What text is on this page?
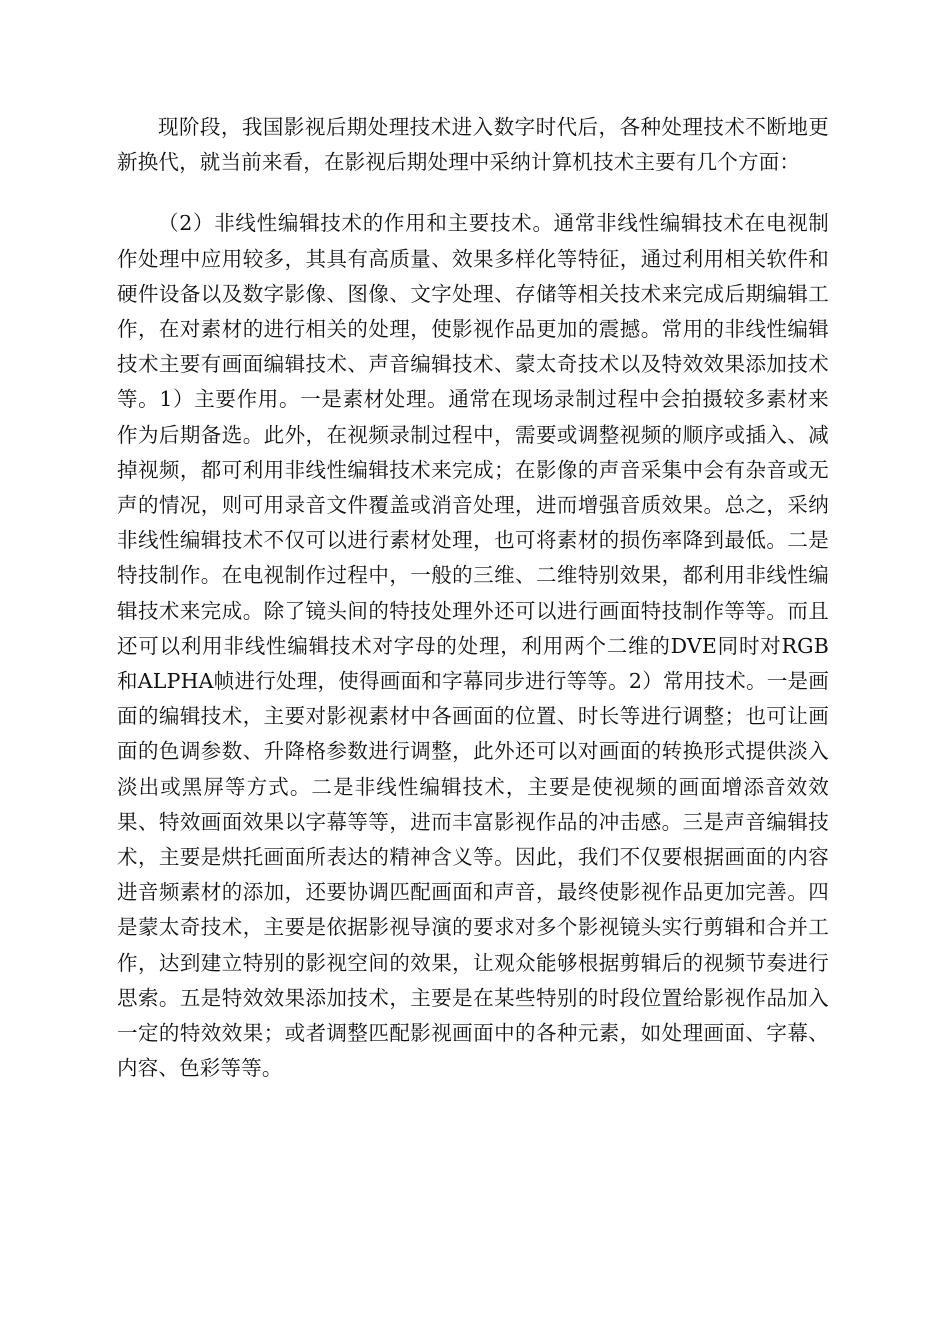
现阶段，我国影视后期处理技术进入数字时代后，各种处理技术不断地更新换代，就当前来看，在影视后期处理中采纳计算机技术主要有几个方面：

（2）非线性编辑技术的作用和主要技术。通常非线性编辑技术在电视制作处理中应用较多，其具有高质量、效果多样化等特征，通过利用相关软件和硬件设备以及数字影像、图像、文字处理、存储等相关技术来完成后期编辑工作，在对素材的进行相关的处理，使影视作品更加的震撼。常用的非线性编辑技术主要有画面编辑技术、声音编辑技术、蒙太奇技术以及特效效果添加技术等。1）主要作用。一是素材处理。通常在现场录制过程中会拍摄较多素材来作为后期备选。此外，在视频录制过程中，需要或调整视频的顺序或插入、减掉视频，都可利用非线性编辑技术来完成；在影像的声音采集中会有杂音或无声的情况，则可用录音文件覆盖或消音处理，进而增强音质效果。总之，采纳非线性编辑技术不仅可以进行素材处理，也可将素材的损伤率降到最低。二是特技制作。在电视制作过程中，一般的三维、二维特别效果，都利用非线性编辑技术来完成。除了镜头间的特技处理外还可以进行画面特技制作等等。而且还可以利用非线性编辑技术对字母的处理，利用两个二维的DVE同时对RGB和ALPHA帧进行处理，使得画面和字幕同步进行等等。2）常用技术。一是画面的编辑技术，主要对影视素材中各画面的位置、时长等进行调整；也可让画面的色调参数、升降格参数进行调整，此外还可以对画面的转换形式提供淡入淡出或黑屏等方式。二是非线性编辑技术，主要是使视频的画面增添音效效果、特效画面效果以字幕等等，进而丰富影视作品的冲击感。三是声音编辑技术，主要是烘托画面所表达的精神含义等。因此，我们不仅要根据画面的内容进音频素材的添加，还要协调匹配画面和声音，最终使影视作品更加完善。四是蒙太奇技术，主要是依据影视导演的要求对多个影视镜头实行剪辑和合并工作，达到建立特别的影视空间的效果，让观众能够根据剪辑后的视频节奏进行思索。五是特效效果添加技术，主要是在某些特别的时段位置给影视作品加入一定的特效效果；或者调整匹配影视画面中的各种元素，如处理画面、字幕、内容、色彩等等。
